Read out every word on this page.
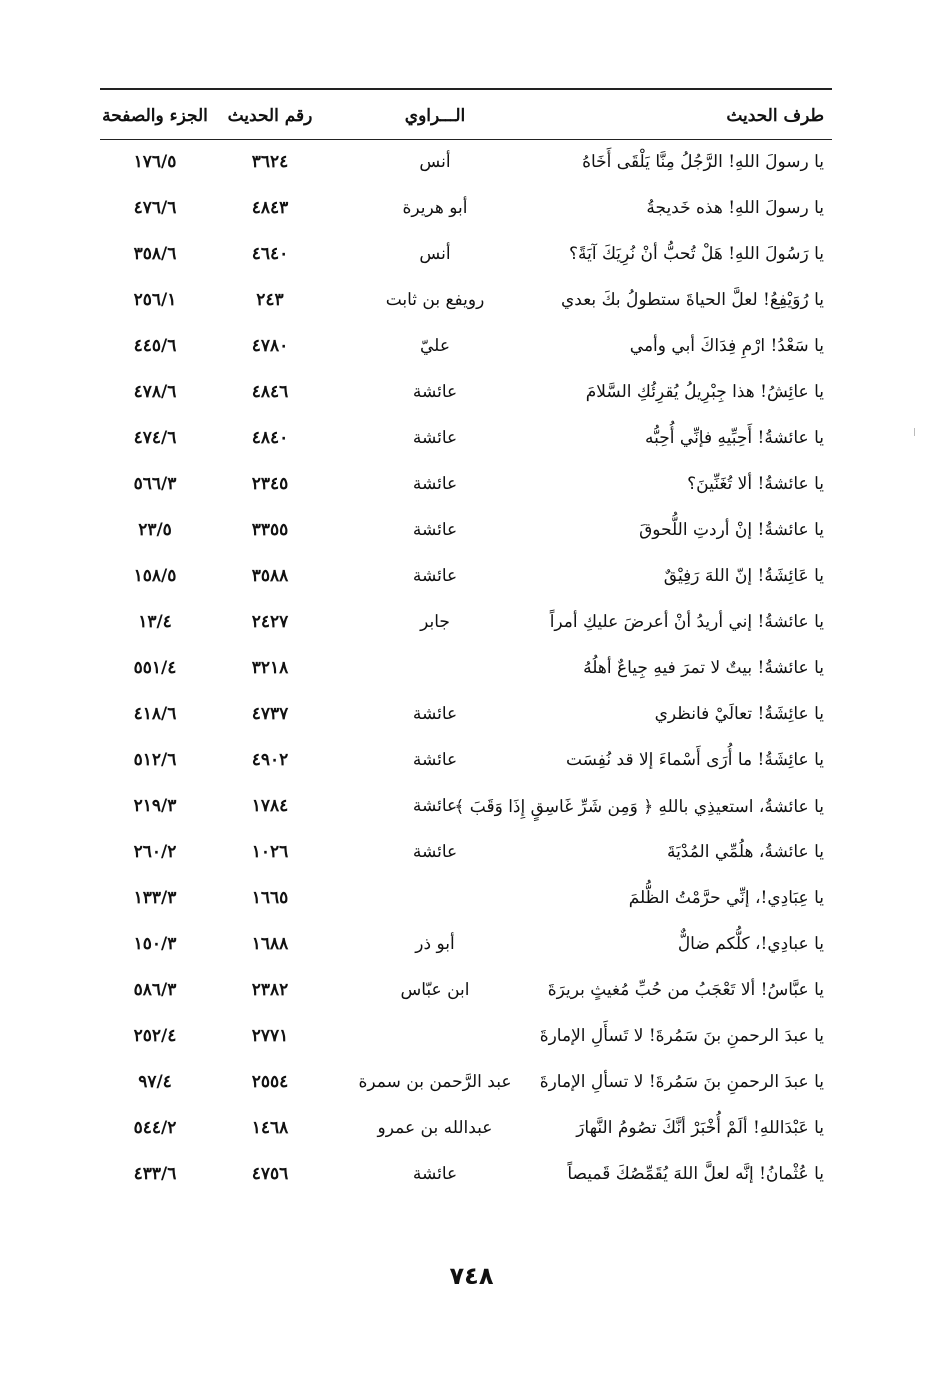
طرف الحديث
الـــراوي
رقم الحديث
الجزء والصفحة
يا رسولَ اللهِ! الرَّجُلُ مِنَّا يَلْقَى أَخَاهُ
أنس
٣٦٢٤
١٧٦/٥
يا رسولَ اللهِ! هذه خَديجةُ
أبو هريرة
٤٨٤٣
٤٧٦/٦
يا رَسُولَ اللهِ! هَلْ تُحبُّ أنْ نُرِيَكَ آيَةً؟
أنس
٤٦٤٠
٣٥٨/٦
يا رُوَيْفِعُ! لعلَّ الحياةَ ستطولُ بكَ بعدي
رويفع بن ثابت
٢٤٣
٢٥٦/١
يا سَعْدُ! ارْمِ فِدَاكَ أبي وأمي
عليّ
٤٧٨٠
٤٤٥/٦
يا عائِشُ! هذا جِبْرِيلُ يُقرِئُكِ السَّلامَ
عائشة
٤٨٤٦
٤٧٨/٦
يا عائشةُ! أَحِبِّيهِ فإنِّي أُحِبُّه
عائشة
٤٨٤٠
٤٧٤/٦
يا عائشةُ! ألا تُغَنِّينَ؟
عائشة
٢٣٤٥
٥٦٦/٣
يا عائشةُ! إنْ أردتِ اللُّحوقَ
عائشة
٣٣٥٥
٢٣/٥
يا عَائِشَةُ! إنّ اللهَ رَفِيْقٌ
عائشة
٣٥٨٨
١٥٨/٥
يا عائشةُ! إني أريدُ أنْ أعرضَ عليكِ أمراً
جابر
٢٤٢٧
١٣/٤
يا عائشةُ! بيتٌ لا تمرَ فيهِ جِياعٌ أهلُهُ
٣٢١٨
٥٥١/٤
يا عائِشَةُ! تعالَيْ فانظري
عائشة
٤٧٣٧
٤١٨/٦
يا عائِشَةُ! ما أُرَى أَسْماءَ إلا قد نُفِسَت
عائشة
٤٩٠٢
٥١٢/٦
يا عائشةُ، استعيذِي باللهِ ﴿ وَمِن شَرِّ غَاسِقٍ إِذَا وَقَبَ ﴾
عائشة
١٧٨٤
٢١٩/٣
يا عائشةُ، هلُمِّي المُدْيَةَ
عائشة
١٠٢٦
٢٦٠/٢
يا عِبَادِي!، إنِّي حرَّمْتُ الظُّلمَ
١٦٦٥
١٣٣/٣
يا عبادِي!، كلُّكم ضالٌّ
أبو ذر
١٦٨٨
١٥٠/٣
يا عبَّاسُ! ألا تَعْجَبُ من حُبِّ مُغيثٍ بريرَةَ
ابن عبّاس
٢٣٨٢
٥٨٦/٣
يا عبدَ الرحمنِ بنَ سَمُرةَ! لا تَسأَلِ الإمارةَ
٢٧٧١
٢٥٢/٤
يا عبدَ الرحمنِ بنَ سَمُرةَ! لا تسألِ الإمارةَ
عبد الرَّحمن بن سمرة
٢٥٥٤
٩٧/٤
يا عَبْدَاللهِ! ألَمْ أُخْبَرْ أنَّكَ تصُومُ النَّهارَ
عبدالله بن عمرو
١٤٦٨
٥٤٤/٢
يا عُثْمانُ! إنَّه لعلَّ اللهَ يُقَمِّصُكَ قَميصاً
عائشة
٤٧٥٦
٤٣٣/٦
٧٤٨
